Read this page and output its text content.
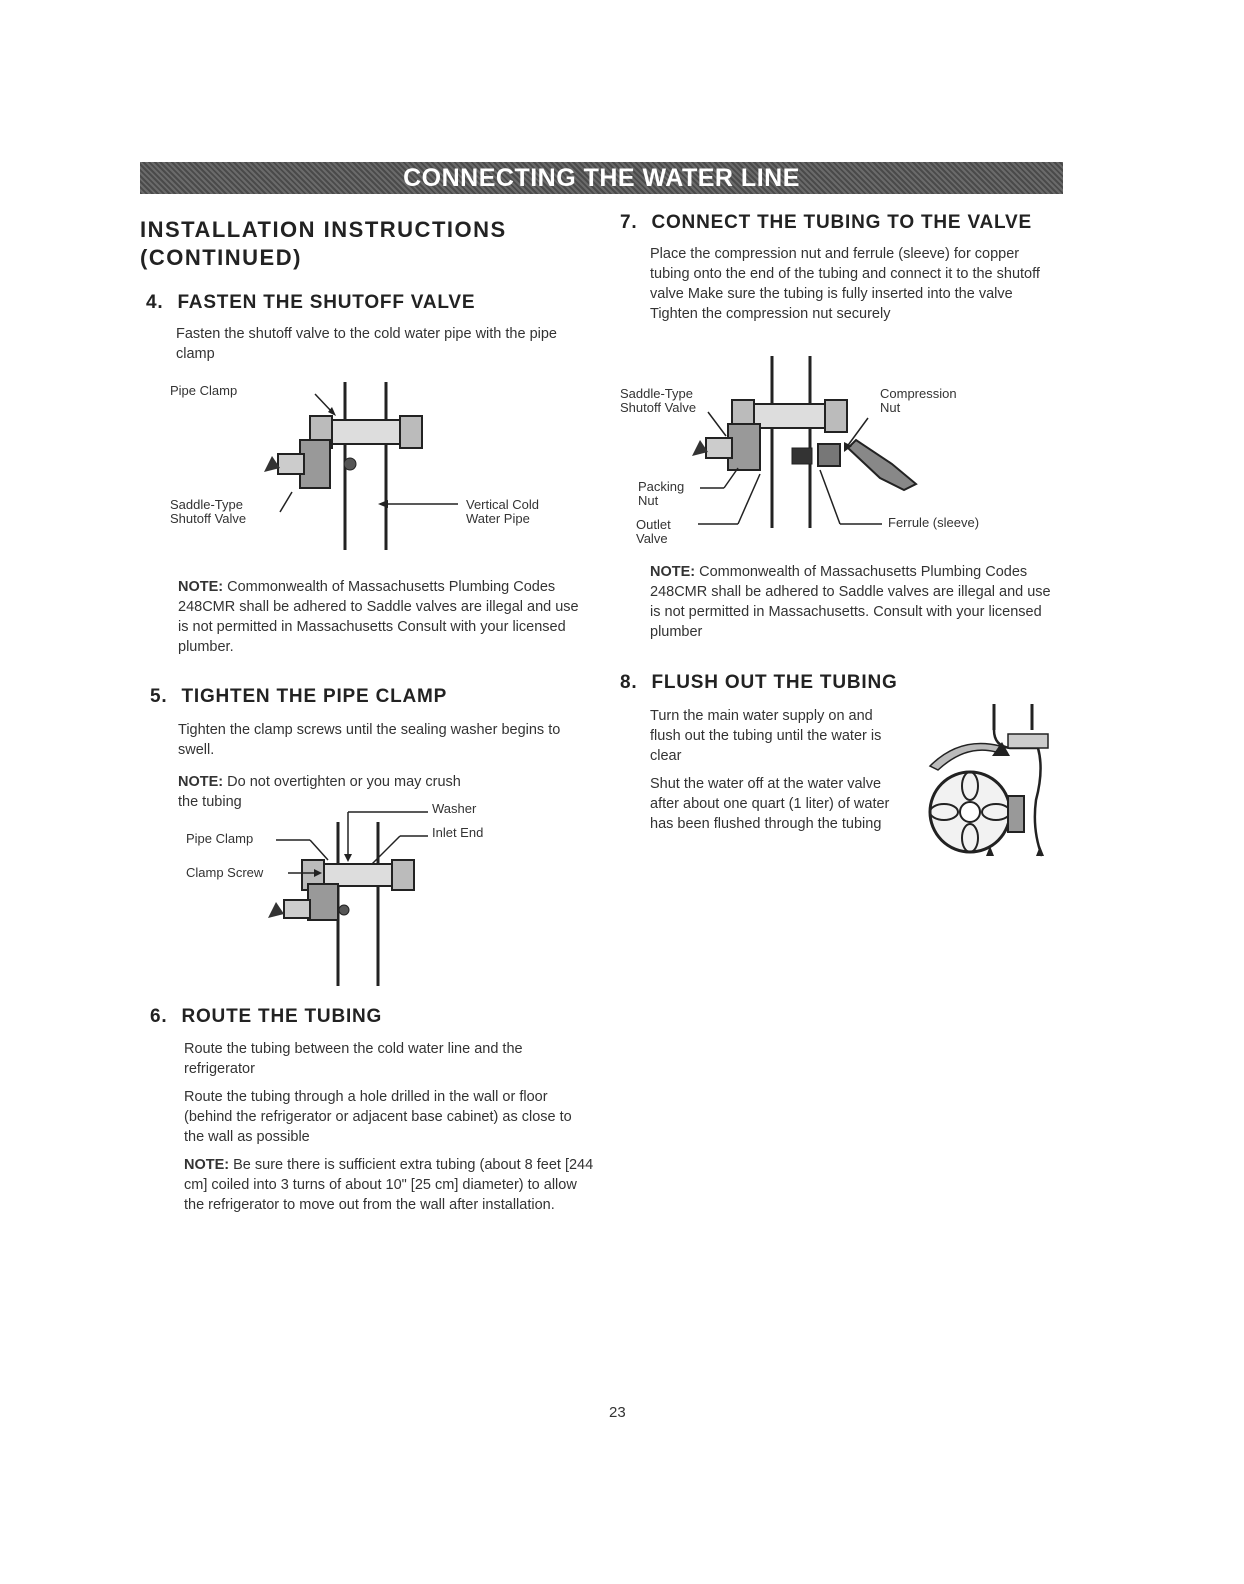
CONNECTING THE WATER LINE
INSTALLATION INSTRUCTIONS
(CONTINUED)
4. FASTEN THE SHUTOFF VALVE
Fasten the shutoff valve to the cold water pipe with the pipe clamp
Pipe Clamp
Saddle-Type
Shutoff Valve
Vertical Cold
Water Pipe
NOTE: Commonwealth of Massachusetts Plumbing Codes 248CMR shall be adhered to Saddle valves are illegal and use is not permitted in Massachusetts Consult with your licensed plumber.
5. TIGHTEN THE PIPE CLAMP
Tighten the clamp screws until the sealing washer begins to swell.
NOTE: Do not overtighten or you may crush
the tubing	Washer
Inlet End
Pipe Clamp
Clamp Screw
6. ROUTE THE TUBING

Route the tubing between the cold water line and the refrigerator

Route the tubing through a hole drilled in the wall or floor (behind the refrigerator or adjacent base cabinet) as close to the wall as possible

NOTE: Be sure there is sufficient extra tubing (about 8 feet [244 cm] coiled into 3 turns of about 10" [25 cm] diameter) to allow the refrigerator to move out from the wall after installation.

7. CONNECT THE TUBING TO THE VALVE
Place the compression nut and ferrule (sleeve) for copper tubing onto the end of the tubing and connect it to the shutoff valve Make sure the tubing is fully inserted into the valve Tighten the compression nut securely
Saddle-Type
Shutoff Valve
Compression
Nut
Packing
Nut
Outlet
Valve
Ferrule (sleeve)
NOTE: Commonwealth of Massachusetts Plumbing Codes 248CMR shall be adhered to Saddle valves are illegal and use is not permitted in Massachusetts. Consult with your licensed plumber
8. FLUSH OUT THE TUBING

Turn the main water supply on and flush out the tubing until the water is clear

Shut the water off at the water valve after about one quart (1 liter) of water has been flushed through the tubing

23
